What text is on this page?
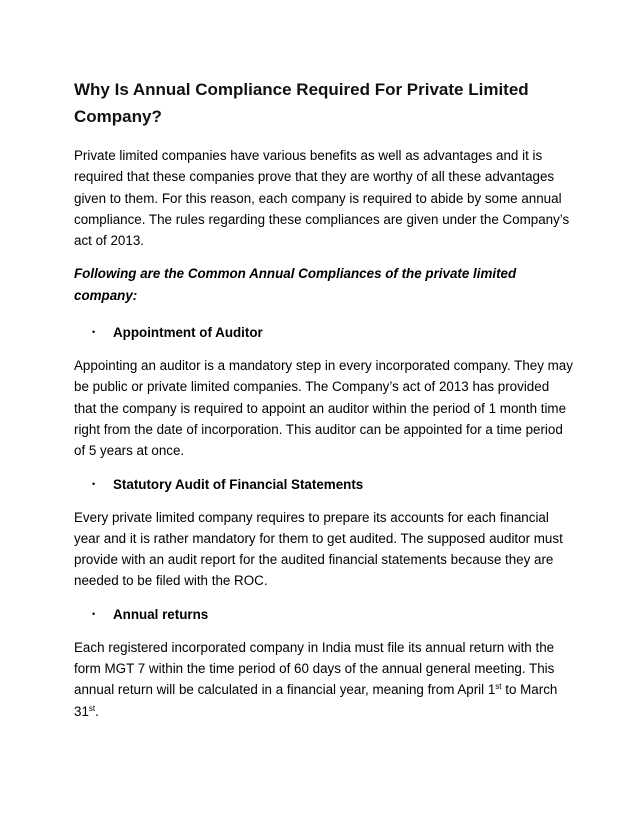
Why Is Annual Compliance Required For Private Limited Company?

Private limited companies have various benefits as well as advantages and it is required that these companies prove that they are worthy of all these advantages given to them. For this reason, each company is required to abide by some annual compliance. The rules regarding these compliances are given under the Company’s act of 2013.

Following are the Common Annual Compliances of the private limited company:

•	Appointment of Auditor

Appointing an auditor is a mandatory step in every incorporated company. They may be public or private limited companies. The Company’s act of 2013 has provided that the company is required to appoint an auditor within the period of 1 month time right from the date of incorporation. This auditor can be appointed for a time period of 5 years at once.

•	Statutory Audit of Financial Statements

Every private limited company requires to prepare its accounts for each financial year and it is rather mandatory for them to get audited. The supposed auditor must provide with an audit report for the audited financial statements because they are needed to be filed with the ROC.

•	Annual returns

Each registered incorporated company in India must file its annual return with the form MGT 7 within the time period of 60 days of the annual general meeting. This annual return will be calculated in a financial year, meaning from April 1st to March 31st.
